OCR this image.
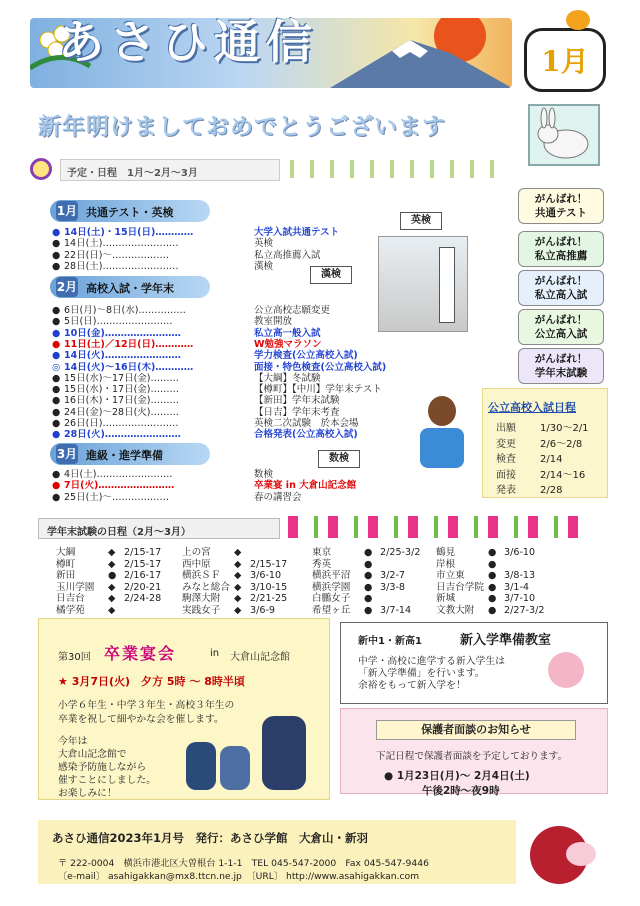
あさひ通信	1月
新年明けましておめでとうございます
予定・日程　1月～2月～3月
1月 共通テスト・英検
● 14日(土)・15日(日)…………	大学入試共通テスト
● 14日(土)……………………	英検
● 22日(日)～………………	私立高推薦入試
● 28日(土)……………………	漢検
2月 高校入試・学年末
● 6日(月)～8日(水)……………	公立高校志願変更
● 5日(日)……………………	教室開放
● 10日(金)……………………	私立高一般入試
● 11日(土)／12日(日)…………	W勉強マラソン
● 14日(火)……………………	学力検査(公立高校入試)
◎ 14日(火)～16日(木)…………	面接・特色検査(公立高校入試)
● 15日(水)～17日(金)………	【大綱】冬試験
● 15日(水)・17日(金)………	【樽町】【中川】学年末テスト
● 16日(木)・17日(金)………	【新田】学年末試験
● 24日(金)～28日(火)………	【日吉】学年末考査
● 26日(日)……………………	英検二次試験　於本会場
● 28日(火)……………………	合格発表(公立高校入試)
3月 進級・進学準備
● 4日(土)……………………	数検
● 7日(火)……………………	卒業宴 in 大倉山記念館
● 25日(土)～………………	春の講習会
英検
漢検
数検
がんばれ！
共通テスト
がんばれ！
私立高推薦
がんばれ！
私立高入試
がんばれ！
公立高入試
がんばれ！
学年末試験
公立高校入試日程
出願 1/30～2/1
変更 2/6～2/8
検査 2/14
面接 2/14～16
発表 2/28
学年末試験の日程（2月～3月）
大綱	◆ 2/15-17
樽町	◆ 2/15-17
新田	● 2/16-17
玉川学園 ◆ 2/20-21
日吉台 ◆ 2/24-28
橘学苑 ◆
上の宮 ◆
西中原 ◆ 2/15-17
横浜ＳＦ ◆ 3/6-10
みなと総合 ◆ 3/10-15
駒澤大附 ◆ 2/21-25
実践女子 ◆ 3/6-9
東京	● 2/25-3/2
秀英	●
横浜平沼 ● 3/2-7
横浜学園 ● 3/3-8
白鵬女子 ●
希望ヶ丘 ● 3/7-14
鶴見	● 3/6-10
岸根	●
市立東 ● 3/8-13
日吉台学院 ● 3/1-4
新城	● 3/7-10
文教大附 ● 2/27-3/2
第30回 卒業宴会	in 大倉山記念館
★ 3月7日(火)　夕方 5時 ～ 8時半頃
小学６年生・中学３年生・高校３年生の
卒業を祝して細やかな会を催します。
今年は
大倉山記念館で
感染予防施しながら
催すことにしました。
お楽しみに！
新中1・新高1	新入学準備教室
中学・高校に進学する新入学生は
「新入学準備」を行います。
余裕をもって新入学を！
保護者面談のお知らせ
下記日程で保護者面談を予定しております。
● 1月23日(月)～ 2月4日(土)
午後2時～夜9時
あさひ通信2023年1月号　発行：あさひ学館　大倉山・新羽
〒 222-0004　横浜市港北区大曽根台 1-1-1　TEL 045-547-2000　Fax 045-547-9446
〔e-mail〕 asahigakkan@mx8.ttcn.ne.jp　〔URL〕 http://www.asahigakkan.com
